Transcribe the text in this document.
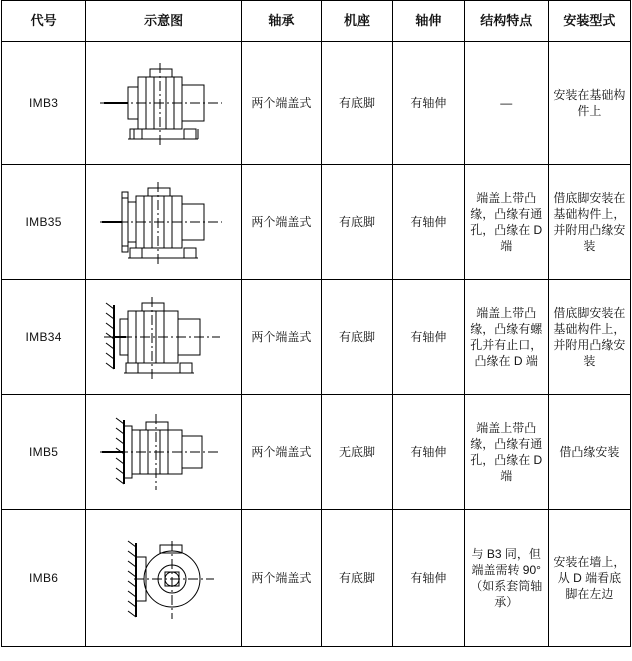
代号	示意图	轴承	机座	轴伸	结构特点	安装型式
IMB3		两个端盖式	有底脚	有轴伸	—	安装在基础构件上
IMB35		两个端盖式	有底脚	有轴伸	端盖上带凸缘，凸缘有通孔，凸缘在 D 端	借底脚安装在基础构件上，并附用凸缘安装
IMB34		两个端盖式	有底脚	有轴伸	端盖上带凸缘，凸缘有螺孔并有止口，凸缘在 D 端	借底脚安装在基础构件上，并附用凸缘安装
IMB5		两个端盖式	无底脚	有轴伸	端盖上带凸缘，凸缘有通孔，凸缘在 D 端	借凸缘安装
IMB6		两个端盖式	有底脚	有轴伸	与 B3 同，但端盖需转 90°（如系套筒轴承）	安装在墙上，从 D 端看底脚在左边
